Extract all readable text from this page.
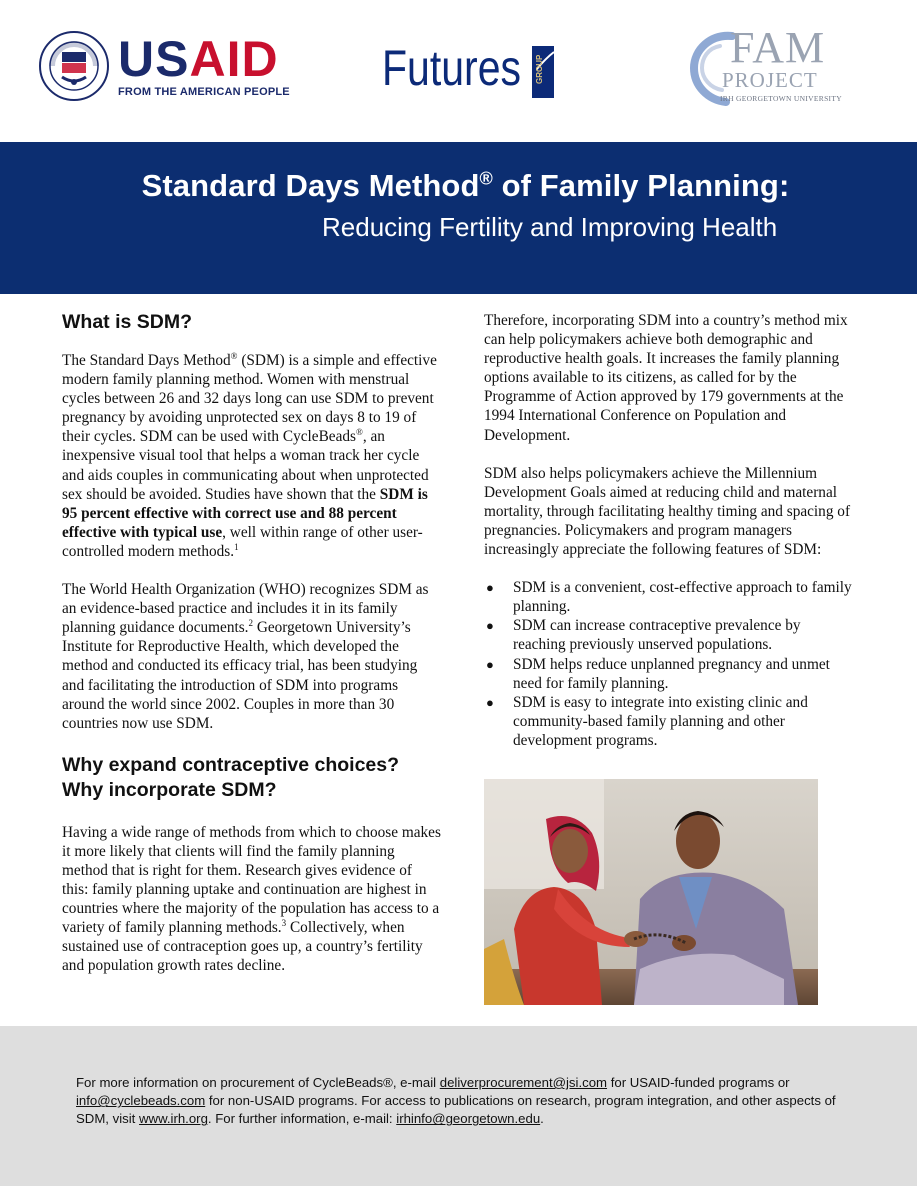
USAID
FROM THE AMERICAN PEOPLE Futures GROUP	FAM
PROJECT
IRH GEORGETOWN UNIVERSITY
Standard Days Method® of Family Planning:
Reducing Fertility and Improving Health
What is SDM?

The Standard Days Method® (SDM) is a simple and effective modern family planning method. Women with menstrual cycles between 26 and 32 days long can use SDM to prevent pregnancy by avoiding unprotected sex on days 8 to 19 of their cycles. SDM can be used with CycleBeads®, an inexpensive visual tool that helps a woman track her cycle and aids couples in communicating about when unprotected sex should be avoided. Studies have shown that the SDM is 95 percent effective with correct use and 88 percent effective with typical use, well within range of other user-controlled modern methods.$^1$

The World Health Organization (WHO) recognizes SDM as an evidence-based practice and includes it in its family planning guidance documents.$^2$ Georgetown University’s Institute for Reproductive Health, which developed the method and conducted its efficacy trial, has been studying and facilitating the introduction of SDM into programs around the world since 2002. Couples in more than 30 countries now use SDM.

Why expand contraceptive choices?
Why incorporate SDM?

Having a wide range of methods from which to choose makes it more likely that clients will find the family planning method that is right for them. Research gives evidence of this: family planning uptake and continuation are highest in countries where the majority of the population has access to a variety of family planning methods.$^3$ Collectively, when sustained use of contraception goes up, a country’s fertility and population growth rates decline.

Therefore, incorporating SDM into a country’s method mix can help policymakers achieve both demographic and reproductive health goals. It increases the family planning options available to its citizens, as called for by the Programme of Action approved by 179 governments at the 1994 International Conference on Population and Development.

SDM also helps policymakers achieve the Millennium Development Goals aimed at reducing child and maternal mortality, through facilitating healthy timing and spacing of pregnancies. Policymakers and program managers increasingly appreciate the following features of SDM:

● SDM is a convenient, cost-effective approach to family planning.
● SDM can increase contraceptive prevalence by reaching previously unserved populations.
● SDM helps reduce unplanned pregnancy and unmet need for family planning.
● SDM is easy to integrate into existing clinic and community-based family planning and other development programs.
For more information on procurement of CycleBeads®, e-mail deliverprocurement@jsi.com for USAID-funded programs or info@cyclebeads.com for non-USAID programs. For access to publications on research, program integration, and other aspects of SDM, visit www.irh.org. For further information, e-mail: irhinfo@georgetown.edu.
